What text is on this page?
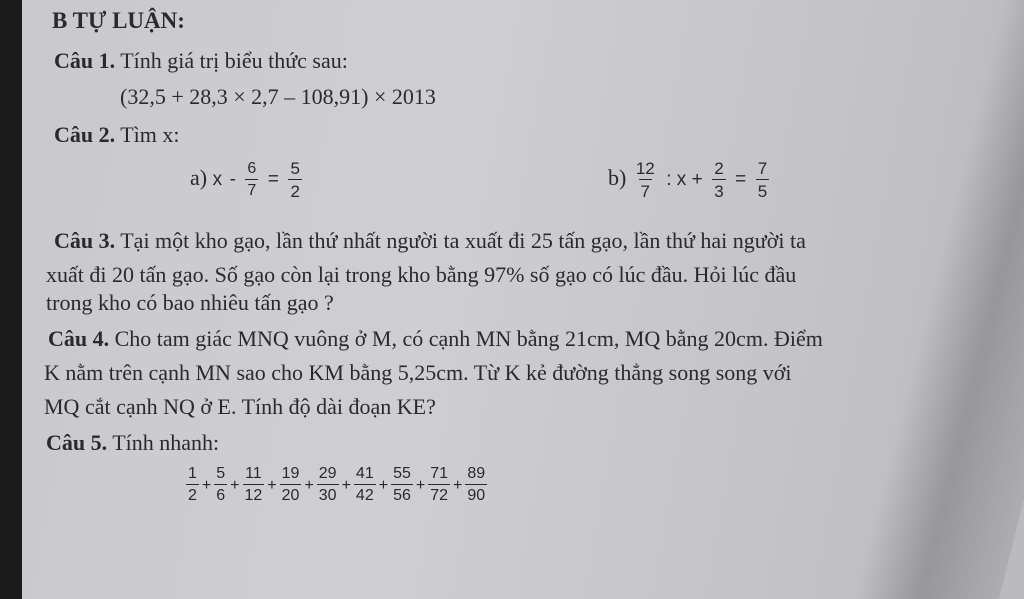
B TỰ LUẬN:
Câu 1. Tính giá trị biểu thức sau:
(32,5 + 28,3 × 2,7 – 108,91) × 2013
Câu 2. Tìm x:
a) $x - \frac{6}{7} = \frac{5}{2}$	$b) \frac{12}{7}$ : $x + \frac{2}{3} = \frac{7}{5}$
Câu 3. Tại một kho gạo, lần thứ nhất người ta xuất đi 25 tấn gạo, lần thứ hai người ta
xuất đi 20 tấn gạo. Số gạo còn lại trong kho bằng 97% số gạo có lúc đầu. Hỏi lúc đầu
trong kho có bao nhiêu tấn gạo ?
Câu 4. Cho tam giác MNQ vuông ở M, có cạnh MN bằng 21cm, MQ bằng 20cm. Điểm
K nằm trên cạnh MN sao cho KM bằng 5,25cm. Từ K kẻ đường thẳng song song với
MQ cắt cạnh NQ ở E. Tính độ dài đoạn KE?
Câu 5. Tính nhanh:
$\frac{1}{2} + \frac{5}{6} + \frac{11}{12} + \frac{19}{20} + \frac{29}{30} + \frac{41}{42} + \frac{55}{56} + \frac{71}{72} + \frac{89}{90}$
